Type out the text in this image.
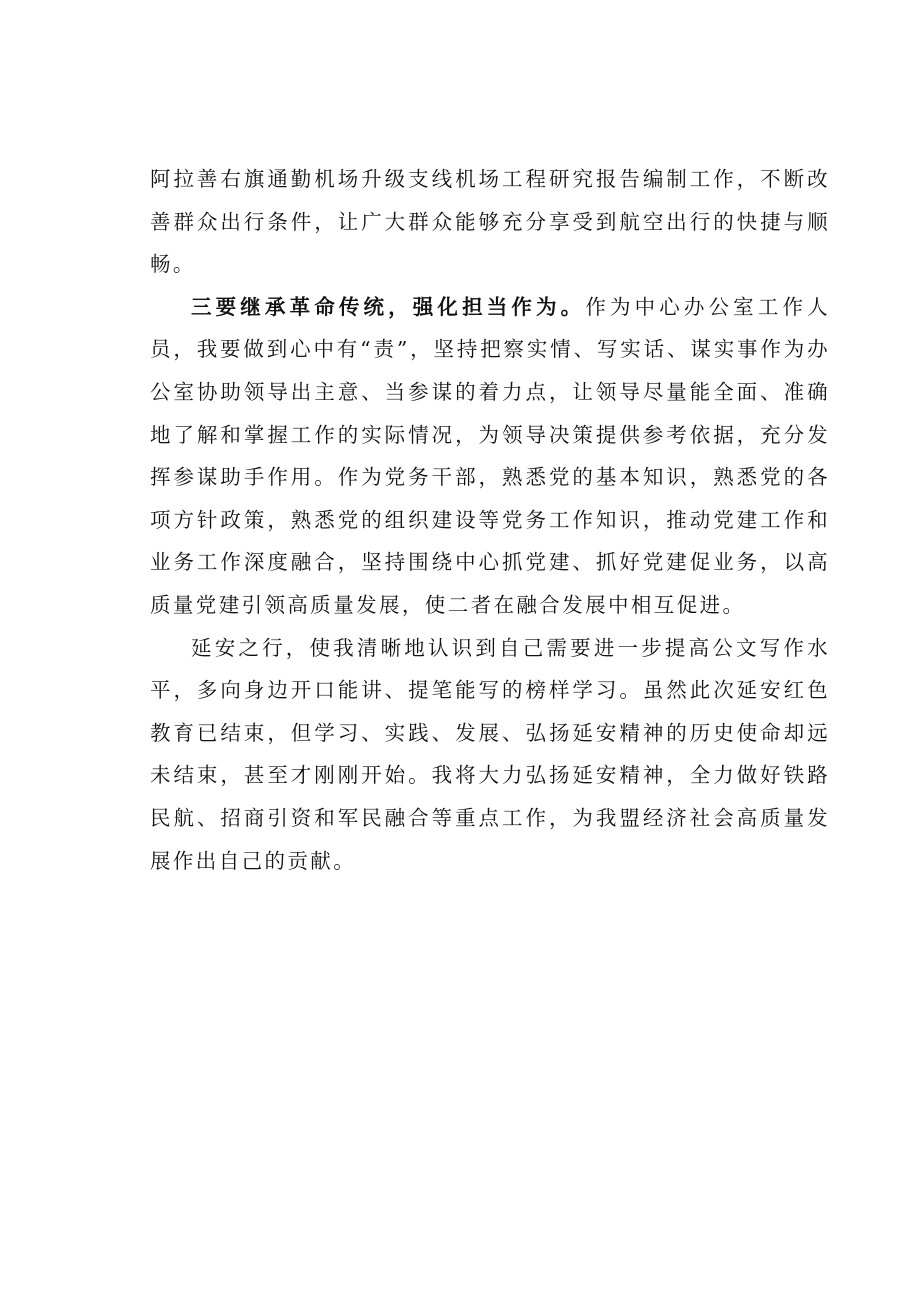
阿拉善右旗通勤机场升级支线机场工程研究报告编制工作，不断改善群众出行条件，让广大群众能够充分享受到航空出行的快捷与顺畅。

三要继承革命传统，强化担当作为。作为中心办公室工作人员，我要做到心中有“责”，坚持把察实情、写实话、谋实事作为办公室协助领导出主意、当参谋的着力点，让领导尽量能全面、准确地了解和掌握工作的实际情况，为领导决策提供参考依据，充分发挥参谋助手作用。作为党务干部，熟悉党的基本知识，熟悉党的各项方针政策，熟悉党的组织建设等党务工作知识，推动党建工作和业务工作深度融合，坚持围绕中心抓党建、抓好党建促业务，以高质量党建引领高质量发展，使二者在融合发展中相互促进。

延安之行，使我清晰地认识到自己需要进一步提高公文写作水平，多向身边开口能讲、提笔能写的榜样学习。虽然此次延安红色教育已结束，但学习、实践、发展、弘扬延安精神的历史使命却远未结束，甚至才刚刚开始。我将大力弘扬延安精神，全力做好铁路民航、招商引资和军民融合等重点工作，为我盟经济社会高质量发展作出自己的贡献。
